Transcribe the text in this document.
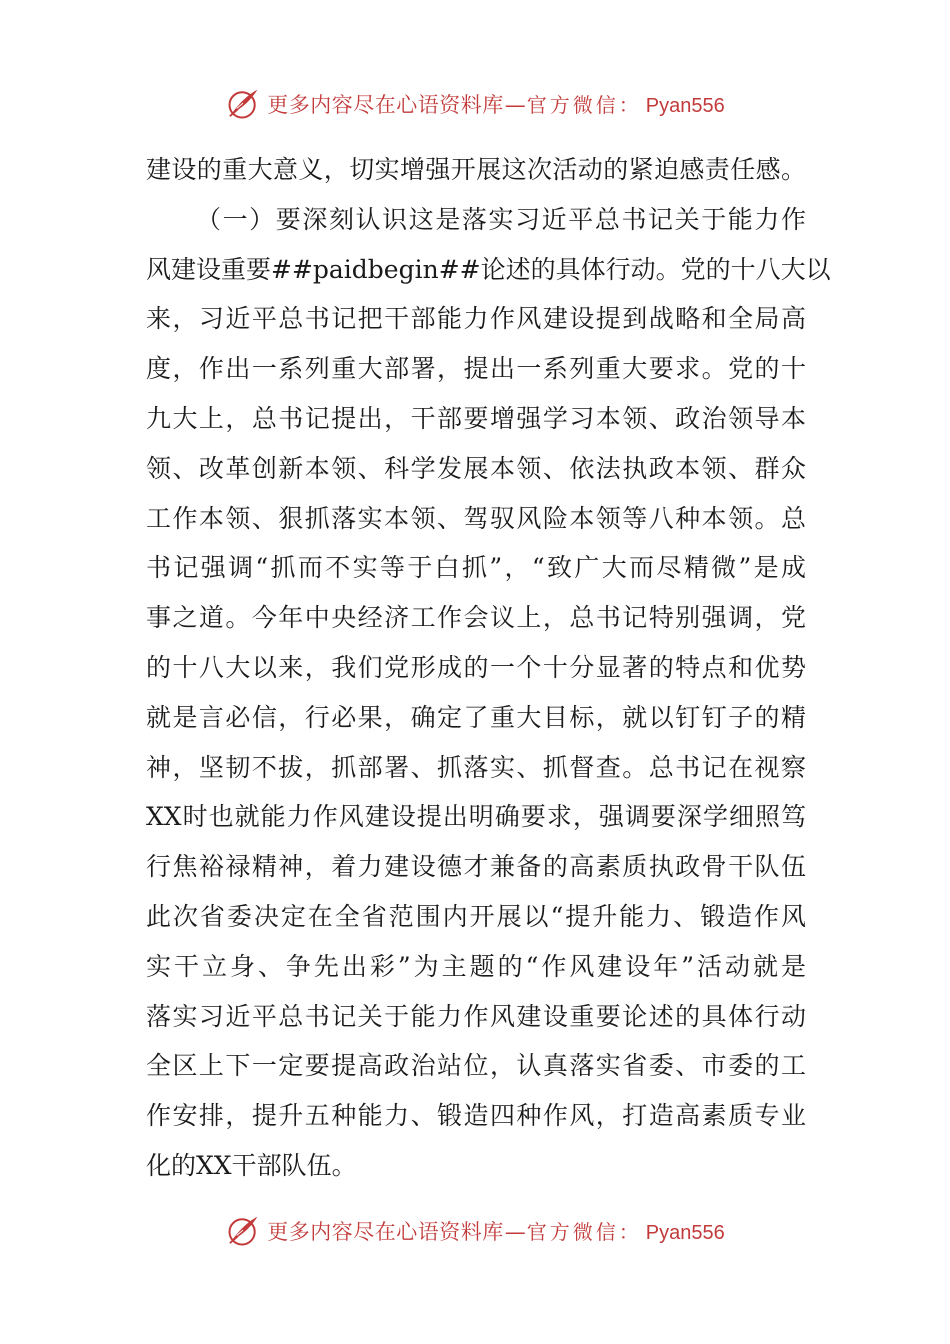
更多内容尽在心语资料库 — 官方微信： Pyan556
建设的重大意义，切实增强开展这次活动的紧迫感责任感。
（一）要深刻认识这是落实习近平总书记关于能力作
风建设重要##paidbegin##论述的具体行动。党的十八大以
来，习近平总书记把干部能力作风建设提到战略和全局高
度，作出一系列重大部署，提出一系列重大要求。党的十
九大上，总书记提出，干部要增强学习本领、政治领导本
领、改革创新本领、科学发展本领、依法执政本领、群众
工作本领、狠抓落实本领、驾驭风险本领等八种本领。总
书记强调“抓而不实等于白抓”，“致广大而尽精微”是成
事之道。今年中央经济工作会议上，总书记特别强调，党
的十八大以来，我们党形成的一个十分显著的特点和优势
就是言必信，行必果，确定了重大目标，就以钉钉子的精
神，坚韧不拔，抓部署、抓落实、抓督查。总书记在视察
XX时也就能力作风建设提出明确要求，强调要深学细照笃
行焦裕禄精神，着力建设德才兼备的高素质执政骨干队伍
此次省委决定在全省范围内开展以“提升能力、锻造作风
实干立身、争先出彩”为主题的“作风建设年”活动就是
落实习近平总书记关于能力作风建设重要论述的具体行动
全区上下一定要提高政治站位，认真落实省委、市委的工
作安排，提升五种能力、锻造四种作风，打造高素质专业
化的XX干部队伍。
更多内容尽在心语资料库 — 官方微信： Pyan556
